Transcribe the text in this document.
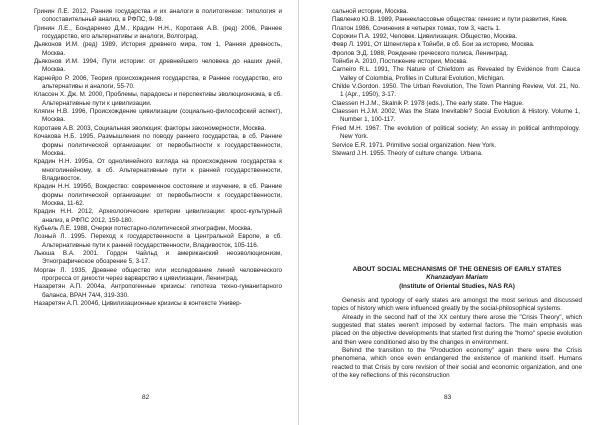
Гринин Л.Е. 2012, Ранние государства и их аналоги в политогенезе: типология и сопоставительный анализ, в РФПС, 9-98.
Гринин Л.Е., Бондаренко Д.М., Крадин Н.Н., Коротаев А.В. (ред) 2006, Раннее государство, его альтернативы и аналоги, Волгоград.
Дьяконов И.М. (ред) 1989, История древнего мира, том 1, Ранняя древность, Москва.
Дьяконов И.М. 1994, Пути истории: от древнейшего человека до наших дней, Москва.
Карнейро Р. 2006, Теория происхождения государства, в Раннее государство, его альтернативы и аналоги, 55-70.
Классен Х. Дж. М. 2000, Проблемы, парадоксы и перспективы эволюционизма, в сб. Альтернативные пути к цивилизации.
Клягин Н.В. 1996, Происхождение цивилизации (социально-философский аспект), Москва.
Коротаев А.В. 2003, Социальная эволюция: факторы закономерности, Москва.
Кочакова Н.Б. 1995, Размышления по поводу раннего государства, в сб. Ранние формы политической организации: от первобытности к государственности, Москва.
Крадин Н.Н. 1995а, От однолинейного взгляда на происхождение государства к многолинейному, в сб. Альтернативные пути к ранней государственности, Владивосток.
Крадин Н.Н. 1995б, Вождество: современное состояние и изучение, в сб. Ранние формы политической организации: от первобытности к государственности, Москва, 11-62.
Крадин Н.Н. 2012, Археологические критерии цивилизации: кросс-культурный анализ, в РФПС 2012, 159-180.
Кубьель Л.Е. 1988, Очерки потестарно-политической этнографии, Москва.
Лозный Л. 1995. Переход к государственности в Центральной Европе, в сб. Альтернативные пути к ранней государственности, Владивосток, 105-116.
Льюша В.А. 2001. Гордон Чайльд и американский неоэволюционизм, Этнографическое обозрение 5, 3-17.
Морган Л. 1935, Древнее общество или исследование линий человеческого прогресса от дикости через варварство к цивилизации, Ленинград.
Назаретян А.П. 2004а, Антропогенные кризисы: гипотеза техно-гуманитарного баланса, ВРАН 74/4, 319-330.
Назаретян А.П. 2004б, Цивилизационные кризисы в контексте Универ-
82
сальной истории, Москва.
Павленко Ю.В. 1989, Раннеклассовые общества: генезис и пути развития, Киев.
Платон 1986, Сочинения в четырех томах, том 3, часть 1.
Сорокин П.А. 1992, Человек. Цивилизация. Общество, Москва.
Февр Л. 1991, От Шпенглера к Тойнби, в сб. Бои за историю, Москва.
Фролов Э.Д. 1988, Рождение греческого полиса, Ленинград.
Тойнби А. 2010, Постижение истории, Москва.
Carneiro R.L. 1991, The Nature of Chiefdom as Revealed by Evidence from Cauca Valley of Colombia, Profiles in Cultural Evolution, Michigan.
Childe V.Gordon. 1950. The Urban Revolution, The Town Planning Review, Vol. 21, No. 1 (Apr., 1950), 3-17.
Claessen H.J.M., Skalnik P. 1978 (eds.), The early state. The Hague.
Claessen H.J.M. 2002, Was the State Inevitable? Social Evolution & History. Volume 1, Number 1, 100-117.
Fried M.H. 1967. The evolution of political society; An essay in political anthropology. New York.
Service E.R. 1971. Primitive social organization. New York.
Steward J.H. 1955. Theory of culture change. Urbana.

ABOUT SOCIAL MECHANISMS OF THE GENESIS OF EARLY STATES

Khanzadyan Mariam

(Institute of Oriental Studies, NAS RA)

Genesis and typology of early states are amongst the most serious and discussed topics of history which were influenced greatly by the social-philosophical systems.

Already in the second half of the XX century there arose the "Crisis Theory", which suggested that states weren't imposed by external factors. The main emphasis was placed on the objective developments that started first during the "homo" specie evolution and then were conditioned also by the changes in environment.

Behind the transition to the "Production economy" again there were the Crisis phenomena, which once even endangered the existence of mankind itself. Humans reacted to that Crisis by core revision of their social and economic organization, and one of the key reflections of this reconstruction

83
